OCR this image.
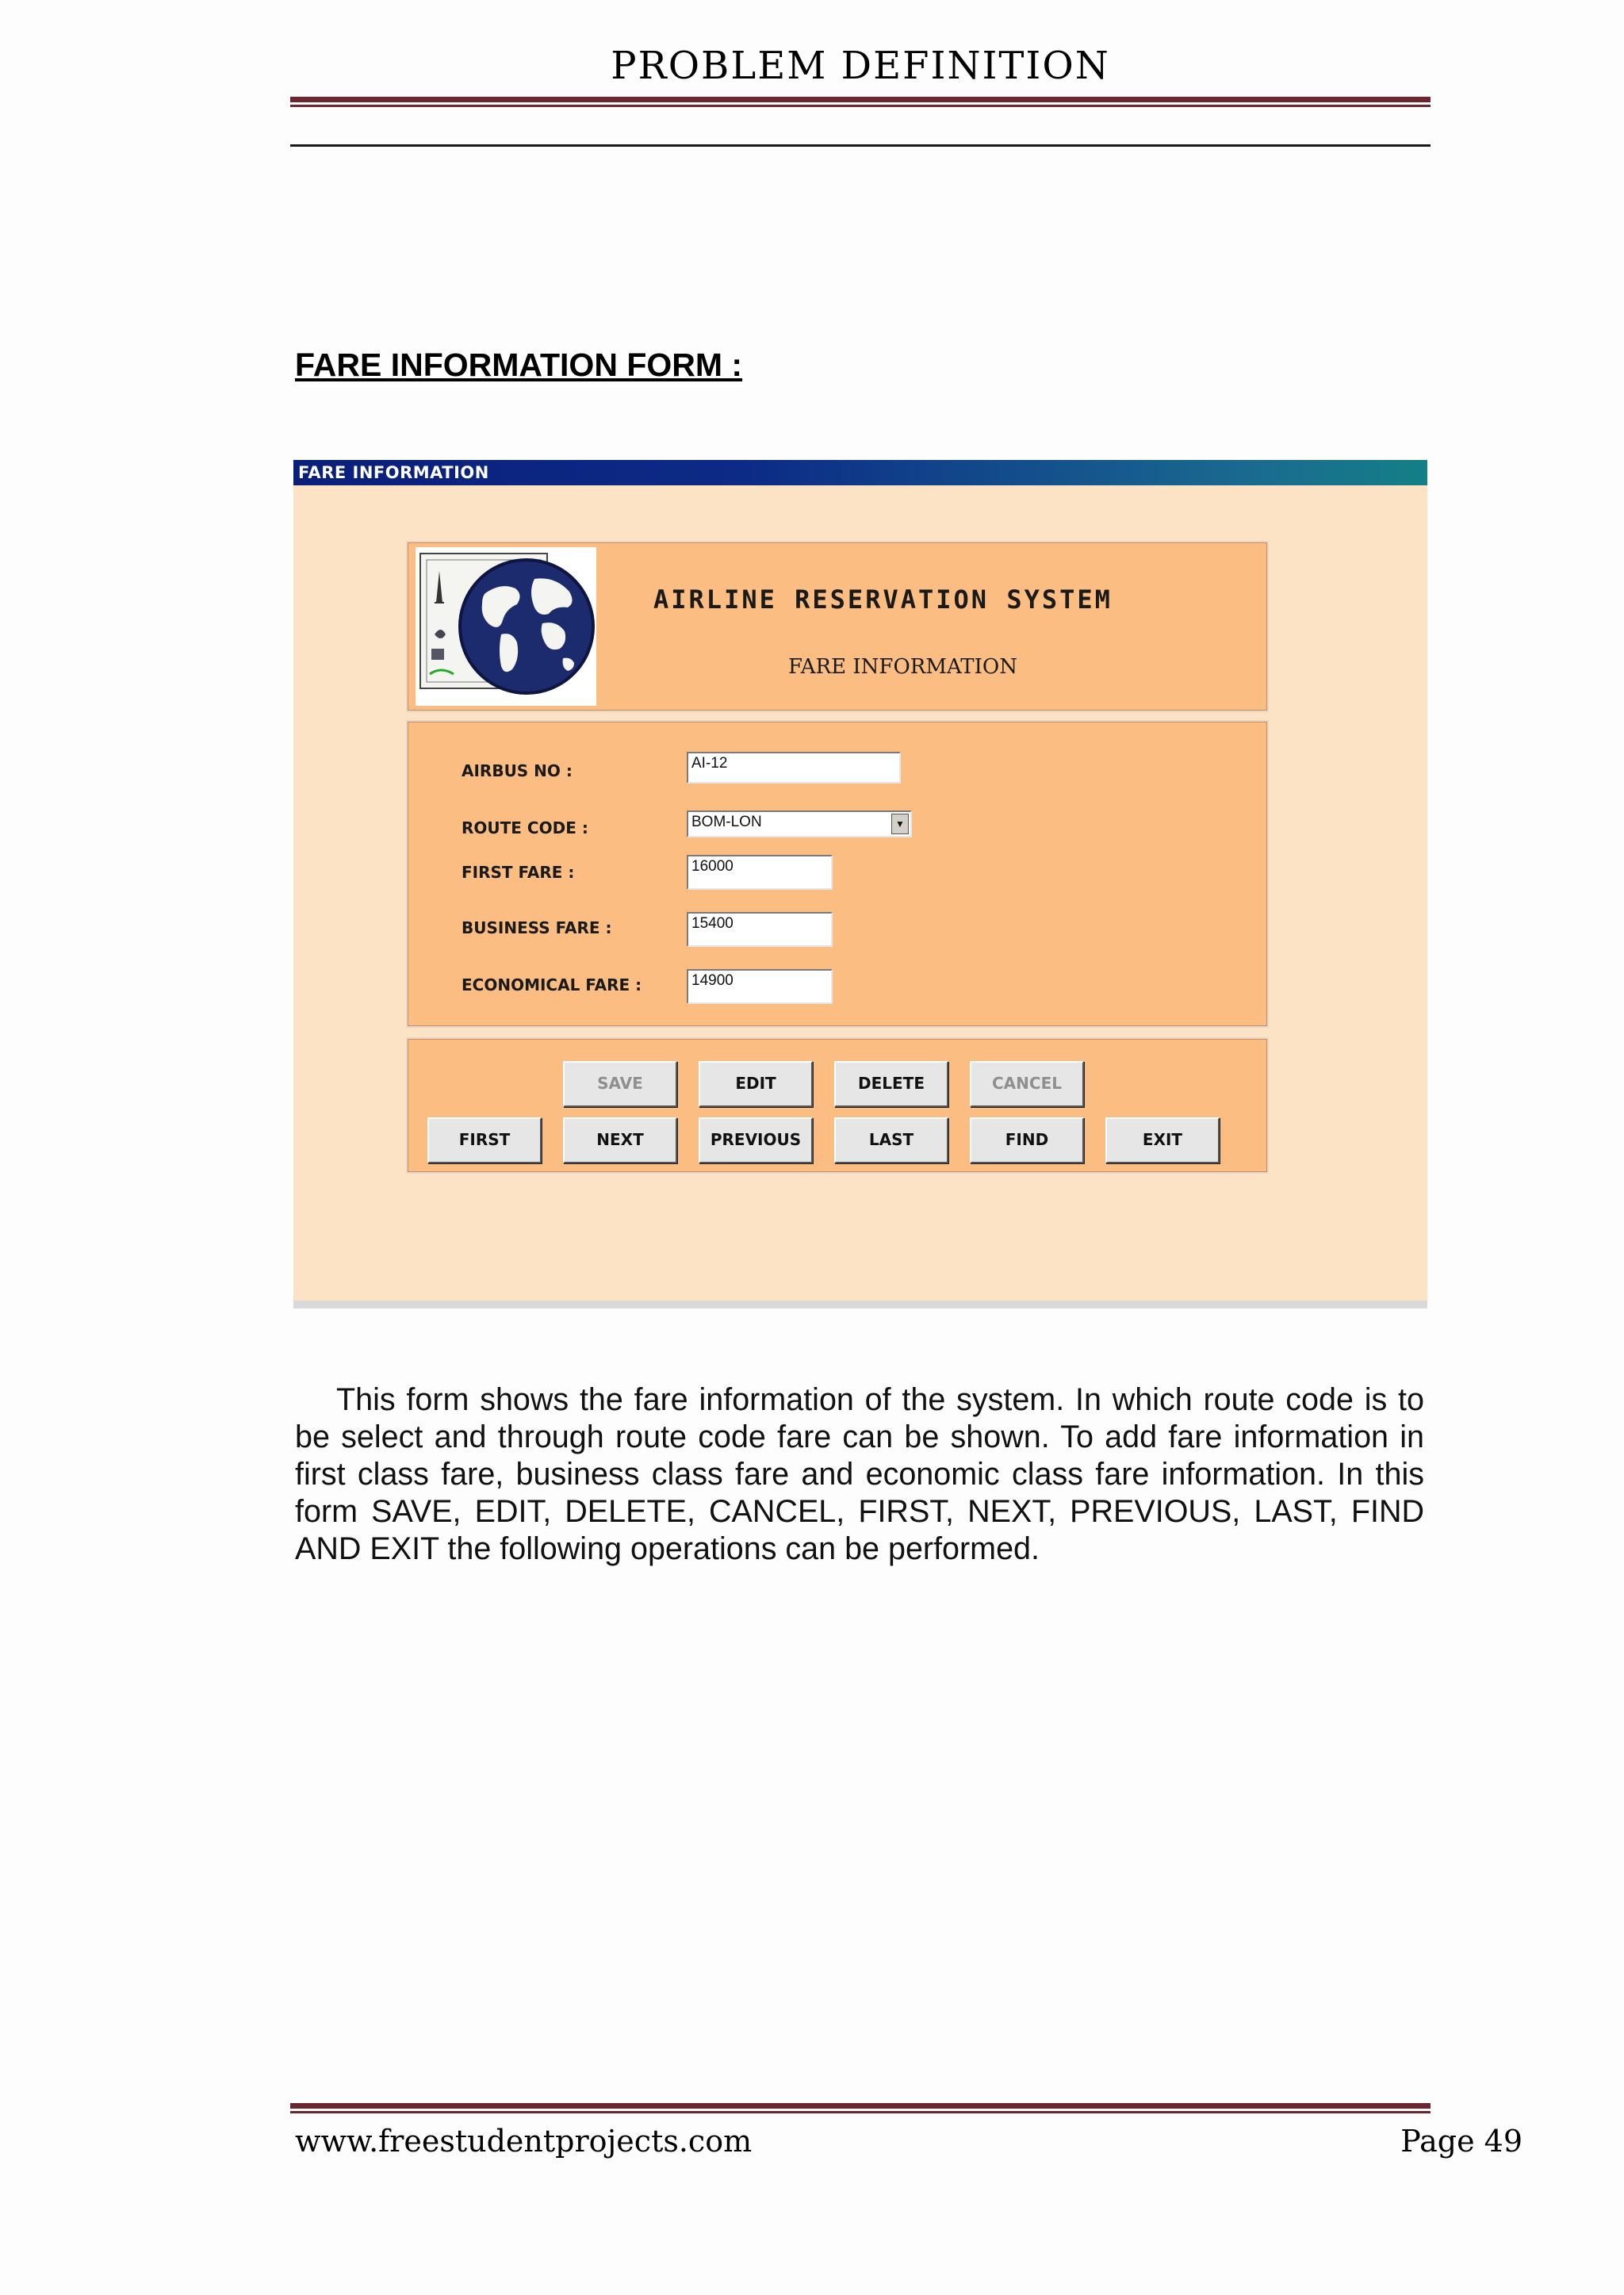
PROBLEM DEFINITION
FARE INFORMATION FORM :
FARE INFORMATION
AIRLINE RESERVATION SYSTEM
FARE INFORMATION
AIRBUS NO :	AI-12
ROUTE CODE :	BOM-LON	▼
FIRST FARE :	16000
BUSINESS FARE :	15400
ECONOMICAL FARE :	14900
SAVE	EDIT	DELETE	CANCEL
FIRST	NEXT	PREVIOUS	LAST	FIND	EXIT
This form shows the fare information of the system. In which route code is to be select and through route code fare can be shown. To add fare information in first class fare, business class fare and economic class fare information. In this form SAVE, EDIT, DELETE, CANCEL, FIRST, NEXT, PREVIOUS, LAST, FIND AND EXIT the following operations can be performed.
www.freestudentprojects.com	Page 49
